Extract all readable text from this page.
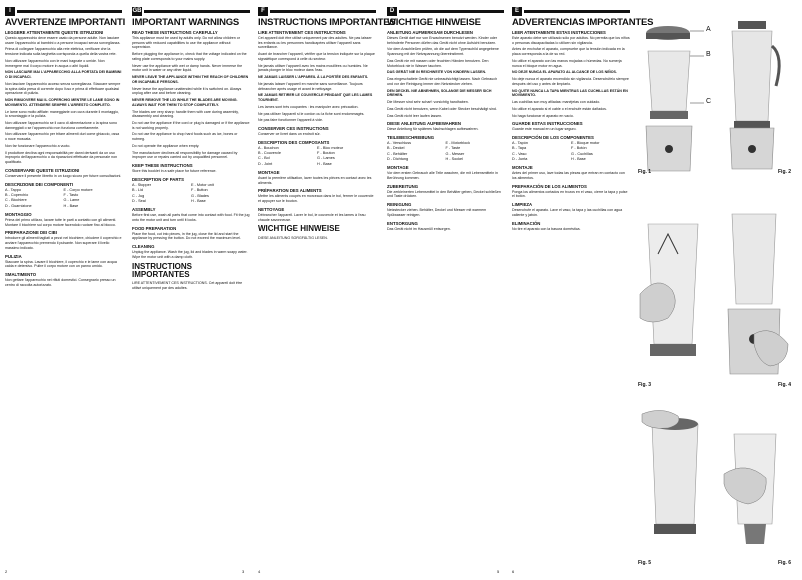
I
AVVERTENZE IMPORTANTI
LEGGERE ATTENTAMENTE QUESTE ISTRUZIONI
Questo apparecchio deve essere usato da persone adulte. Non lasciare usare l'apparecchio ai bambini o a persone incapaci senza sorveglianza.
Prima di collegare l'apparecchio alla rete elettrica, verificare che la tensione indicata sulla targhetta corrisponda a quella della vostra rete.
Non utilizzare l'apparecchio con le mani bagnate o umide. Non immergere mai il corpo motore in acqua o altri liquidi.
NON LASCIARE MAI L'APPARECCHIO ALLA PORTATA DEI BAMBINI O DI INCAPACI.
Non lasciare l'apparecchio acceso senza sorveglianza. Staccare sempre la spina dalla presa di corrente dopo l'uso e prima di effettuare qualsiasi operazione di pulizia.
NON RIMUOVERE MAI IL COPERCHIO MENTRE LE LAME SONO IN MOVIMENTO. ATTENDERE SEMPRE L'ARRESTO COMPLETO.
Le lame sono molto affilate: maneggiarle con cura durante il montaggio, lo smontaggio e la pulizia.
Non utilizzare l'apparecchio se il cavo di alimentazione o la spina sono danneggiati o se l'apparecchio non funziona correttamente.
Non utilizzare l'apparecchio per tritare alimenti duri come ghiaccio, ossa o noce moscata.
Non far funzionare l'apparecchio a vuoto.
Il produttore declina ogni responsabilità per danni derivanti da un uso improprio dell'apparecchio o da riparazioni effettuate da personale non qualificato.
CONSERVARE QUESTE ISTRUZIONI
Conservare il presente libretto in un luogo sicuro per future consultazioni.
DESCRIZIONE DEI COMPONENTI
A - Tappo	E - Corpo motore
B - Coperchio	F - Tasto
C - Bicchiere	G - Lame
D - Guarnizione	H - Base
MONTAGGIO
Prima del primo utilizzo, lavare tutte le parti a contatto con gli alimenti. Montare il bicchiere sul corpo motore facendolo ruotare fino al blocco.
PREPARAZIONE DEI CIBI
Introdurre gli alimenti tagliati a pezzi nel bicchiere, chiudere il coperchio e avviare l'apparecchio premendo il pulsante. Non superare il livello massimo indicato.
PULIZIA
Staccare la spina. Lavare il bicchiere, il coperchio e le lame con acqua calda e detersivo. Pulire il corpo motore con un panno umido.
SMALTIMENTO
Non gettare l'apparecchio nei rifiuti domestici. Consegnarlo presso un centro di raccolta autorizzato.
2
GB
IMPORTANT WARNINGS
READ THESE INSTRUCTIONS CAREFULLY
This appliance must be used by adults only. Do not allow children or persons with reduced capabilities to use the appliance without supervision.
Before plugging the appliance in, check that the voltage indicated on the rating plate corresponds to your mains supply.
Never use the appliance with wet or damp hands. Never immerse the motor unit in water or any other liquid.
NEVER LEAVE THE APPLIANCE WITHIN THE REACH OF CHILDREN OR INCAPABLE PERSONS.
Never leave the appliance unattended while it is switched on. Always unplug after use and before cleaning.
NEVER REMOVE THE LID WHILE THE BLADES ARE MOVING. ALWAYS WAIT FOR THEM TO STOP COMPLETELY.
The blades are very sharp: handle them with care during assembly, disassembly and cleaning.
Do not use the appliance if the cord or plug is damaged or if the appliance is not working properly.
Do not use the appliance to chop hard foods such as ice, bones or nutmeg.
Do not operate the appliance when empty.
The manufacturer declines all responsibility for damage caused by improper use or repairs carried out by unqualified personnel.
KEEP THESE INSTRUCTIONS
Store this booklet in a safe place for future reference.
DESCRIPTION OF PARTS
A - Stopper	E - Motor unit
B - Lid	F - Button
C - Jug	G - Blades
D - Seal	H - Base
ASSEMBLY
Before first use, wash all parts that come into contact with food. Fit the jug onto the motor unit and turn until it locks.
FOOD PREPARATION
Place the food, cut into pieces, in the jug, close the lid and start the appliance by pressing the button. Do not exceed the maximum level.
CLEANING
Unplug the appliance. Wash the jug, lid and blades in warm soapy water. Wipe the motor unit with a damp cloth.
INSTRUCTIONS IMPORTANTES
LIRE ATTENTIVEMENT CES INSTRUCTIONS. Cet appareil doit être utilisé uniquement par des adultes.
3
F
INSTRUCTIONS IMPORTANTES
LIRE ATTENTIVEMENT CES INSTRUCTIONS
Cet appareil doit être utilisé uniquement par des adultes. Ne pas laisser les enfants ou les personnes handicapées utiliser l'appareil sans surveillance.
Avant de brancher l'appareil, vérifier que la tension indiquée sur la plaque signalétique correspond à celle du secteur.
Ne jamais utiliser l'appareil avec les mains mouillées ou humides. Ne jamais plonger le bloc moteur dans l'eau.
NE JAMAIS LAISSER L'APPAREIL À LA PORTÉE DES ENFANTS.
Ne jamais laisser l'appareil en marche sans surveillance. Toujours débrancher après usage et avant le nettoyage.
NE JAMAIS RETIRER LE COUVERCLE PENDANT QUE LES LAMES TOURNENT.
Les lames sont très coupantes : les manipuler avec précaution.
Ne pas utiliser l'appareil si le cordon ou la fiche sont endommagés.
Ne pas faire fonctionner l'appareil à vide.
CONSERVER CES INSTRUCTIONS
Conserver ce livret dans un endroit sûr.
DESCRIPTION DES COMPOSANTS
A - Bouchon	E - Bloc moteur
B - Couvercle	F - Bouton
C - Bol	G - Lames
D - Joint	H - Base
MONTAGE
Avant la première utilisation, laver toutes les pièces en contact avec les aliments.
PRÉPARATION DES ALIMENTS
Mettre les aliments coupés en morceaux dans le bol, fermer le couvercle et appuyer sur le bouton.
NETTOYAGE
Débrancher l'appareil. Laver le bol, le couvercle et les lames à l'eau chaude savonneuse.
WICHTIGE HINWEISE
DIESE ANLEITUNG SORGFÄLTIG LESEN.
4
D
WICHTIGE HINWEISE
ANLEITUNG AUFMERKSAM DURCHLESEN
Dieses Gerät darf nur von Erwachsenen benutzt werden. Kinder oder behinderte Personen dürfen das Gerät nicht ohne Aufsicht benutzen.
Vor dem Anschließen prüfen, ob die auf dem Typenschild angegebene Spannung mit der Netzspannung übereinstimmt.
Das Gerät nie mit nassen oder feuchten Händen benutzen. Den Motorblock nie in Wasser tauchen.
DAS GERÄT NIE IN REICHWEITE VON KINDERN LASSEN.
Das eingeschaltete Gerät nie unbeaufsichtigt lassen. Nach Gebrauch und vor der Reinigung immer den Netzstecker ziehen.
DEN DECKEL NIE ABNEHMEN, SOLANGE DIE MESSER SICH DREHEN.
Die Messer sind sehr scharf: vorsichtig handhaben.
Das Gerät nicht benutzen, wenn Kabel oder Stecker beschädigt sind.
Das Gerät nicht leer laufen lassen.
DIESE ANLEITUNG AUFBEWAHREN
Diese Anleitung für späteres Nachschlagen aufbewahren.
TEILEBESCHREIBUNG
A - Verschluss	E - Motorblock
B - Deckel	F - Taste
C - Behälter	G - Messer
D - Dichtung	H - Sockel
MONTAGE
Vor dem ersten Gebrauch alle Teile waschen, die mit Lebensmitteln in Berührung kommen.
ZUBEREITUNG
Die zerkleinerten Lebensmittel in den Behälter geben, Deckel schließen und Taste drücken.
REINIGUNG
Netzstecker ziehen. Behälter, Deckel und Messer mit warmem Spülwasser reinigen.
ENTSORGUNG
Das Gerät nicht im Hausmüll entsorgen.
5
E
ADVERTENCIAS IMPORTANTES
LEER ATENTAMENTE ESTAS INSTRUCCIONES
Este aparato debe ser utilizado sólo por adultos. No permita que los niños o personas discapacitadas lo utilicen sin vigilancia.
Antes de enchufar el aparato, compruebe que la tensión indicada en la placa corresponda a la de su red.
No utilice el aparato con las manos mojadas o húmedas. No sumerja nunca el bloque motor en agua.
NO DEJE NUNCA EL APARATO AL ALCANCE DE LOS NIÑOS.
No deje nunca el aparato encendido sin vigilancia. Desenchúfelo siempre después del uso y antes de limpiarlo.
NO QUITE NUNCA LA TAPA MIENTRAS LAS CUCHILLAS ESTÁN EN MOVIMIENTO.
Las cuchillas son muy afiladas: manéjelas con cuidado.
No utilice el aparato si el cable o el enchufe están dañados.
No haga funcionar el aparato en vacío.
GUARDE ESTAS INSTRUCCIONES
Guarde este manual en un lugar seguro.
DESCRIPCIÓN DE LOS COMPONENTES
A - Tapón	E - Bloque motor
B - Tapa	F - Botón
C - Vaso	G - Cuchillas
D - Junta	H - Base
MONTAJE
Antes del primer uso, lave todas las piezas que entran en contacto con los alimentos.
PREPARACIÓN DE LOS ALIMENTOS
Ponga los alimentos cortados en trozos en el vaso, cierre la tapa y pulse el botón.
LIMPIEZA
Desenchufe el aparato. Lave el vaso, la tapa y las cuchillas con agua caliente y jabón.
ELIMINACIÓN
No tire el aparato con la basura doméstica.
6
A
B
C
Fig. 1	Fig. 2
Fig. 3	Fig. 4
Fig. 5	Fig. 6
